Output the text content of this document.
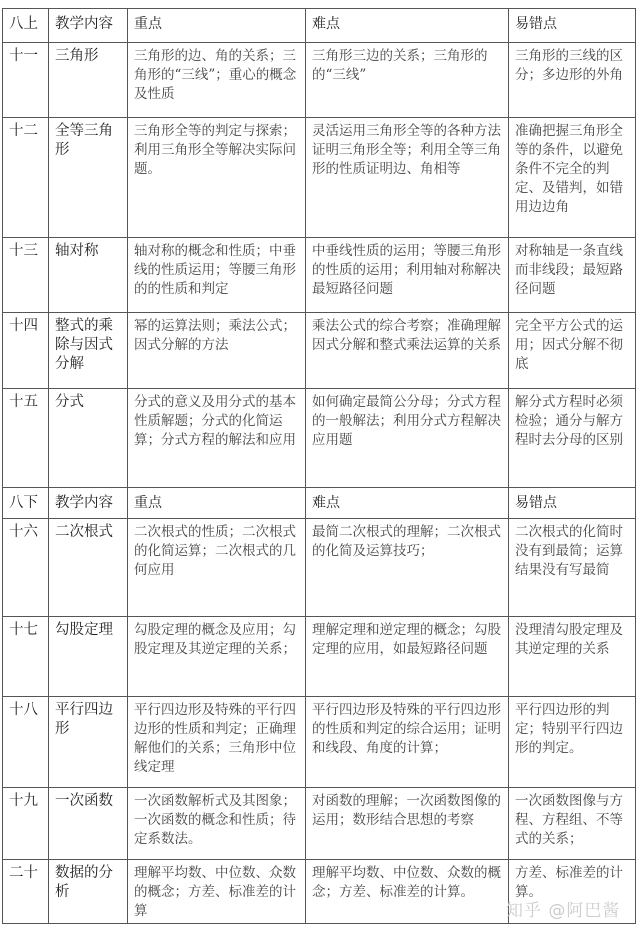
八上	教学内容	重点	难点	易错点
十一	三角形	三角形的边、角的关系；三角形的“三线”；重心的概念及性质	三角形三边的关系；三角形的的“三线”	三角形的三线的区分；多边形的外角
十二	全等三角形	三角形全等的判定与探索；利用三角形全等解决实际问题。	灵活运用三角形全等的各种方法证明三角形全等；利用全等三角形的性质证明边、角相等	准确把握三角形全等的条件，以避免条件不完全的判定、及错判，如错用边边角
十三	轴对称	轴对称的概念和性质；中垂线的性质运用；等腰三角形的的性质和判定	中垂线性质的运用；等腰三角形的性质的运用；利用轴对称解决最短路径问题	对称轴是一条直线而非线段；最短路径问题
十四	整式的乘除与因式分解	幂的运算法则；乘法公式；因式分解的方法	乘法公式的综合考察；准确理解因式分解和整式乘法运算的关系	完全平方公式的运用；因式分解不彻底
十五	分式	分式的意义及用分式的基本性质解题；分式的化简运算；分式方程的解法和应用	如何确定最简公分母；分式方程的一般解法；利用分式方程解决应用题	解分式方程时必须检验；通分与解方程时去分母的区别
八下	教学内容	重点	难点	易错点
十六	二次根式	二次根式的性质；二次根式的化简运算；二次根式的几何应用	最简二次根式的理解；二次根式的化简及运算技巧；	二次根式的化简时没有到最简；运算结果没有写最简
十七	勾股定理	勾股定理的概念及应用；勾股定理及其逆定理的关系；	理解定理和逆定理的概念；勾股定理的应用，如最短路径问题	没理清勾股定理及其逆定理的关系
十八	平行四边形	平行四边形及特殊的平行四边形的性质和判定；正确理解他们的关系；三角形中位线定理	平行四边形及特殊的平行四边形的性质和判定的综合运用；证明和线段、角度的计算；	平行四边形的判定；特别平行四边形的判定。
十九	一次函数	一次函数解析式及其图象；一次函数的概念和性质；待定系数法。	对函数的理解；一次函数图像的运用；数形结合思想的考察	一次函数图像与方程、方程组、不等式的关系；
二十	数据的分析	理解平均数、中位数、众数的概念；方差、标准差的计算	理解平均数、中位数、众数的概念；方差、标准差的计算。	方差、标准差的计算。
知乎 @阿巴酱
